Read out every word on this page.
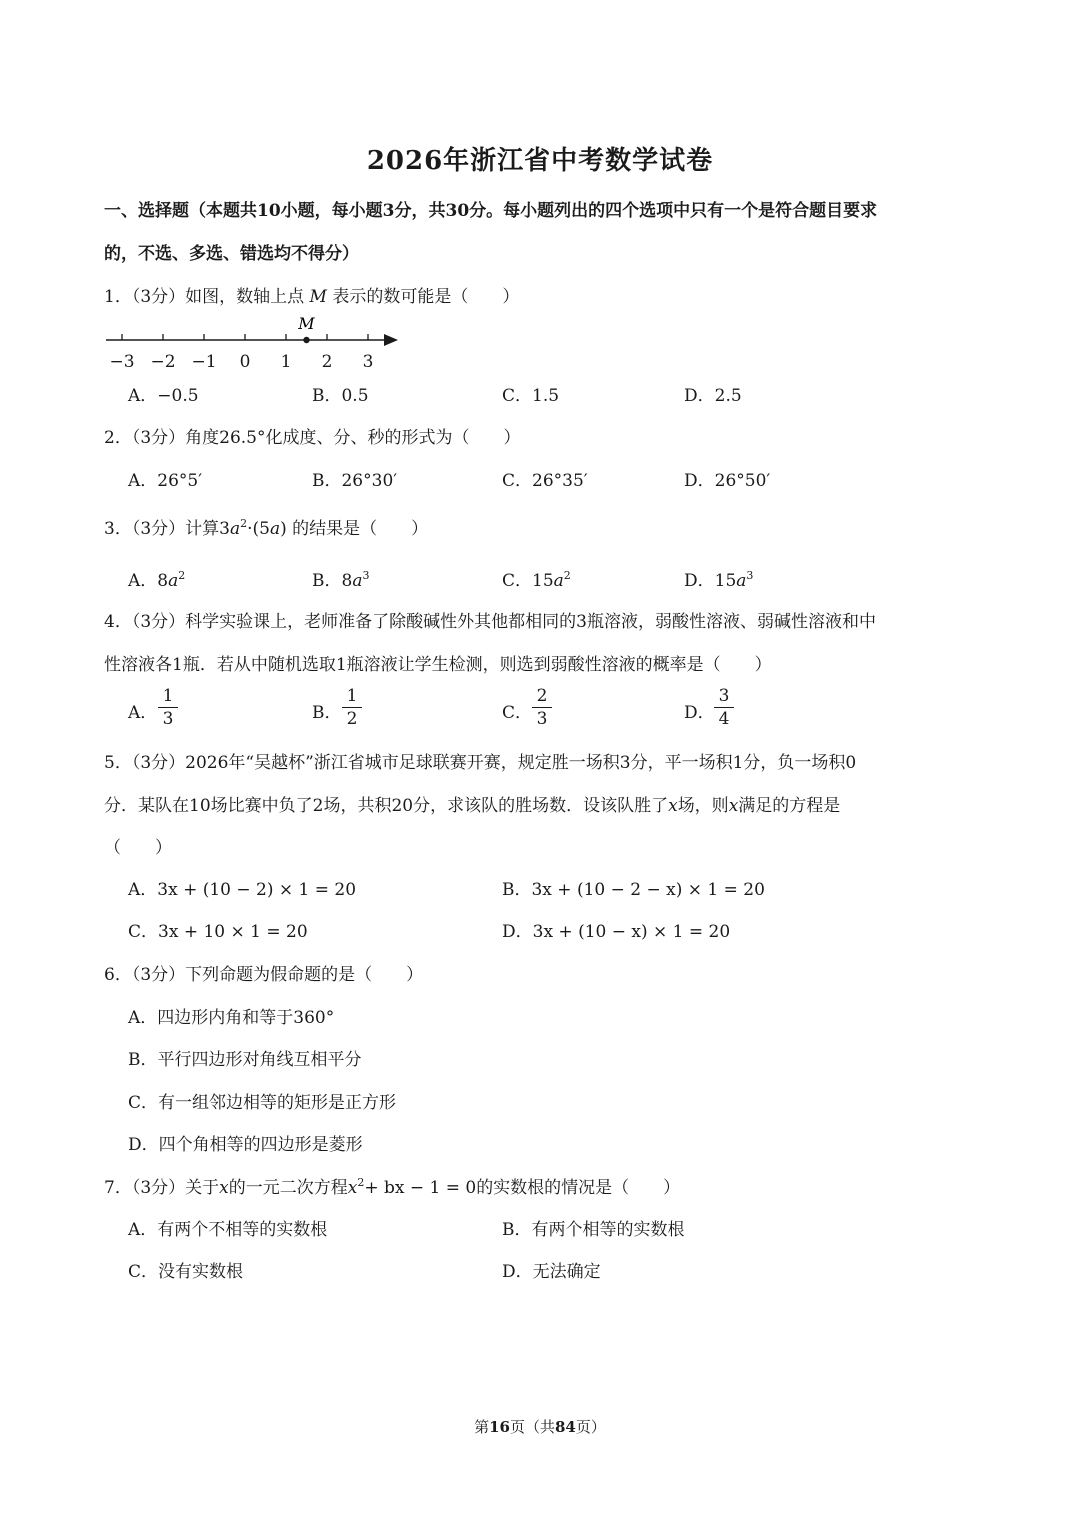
2026年浙江省中考数学试卷
一、选择题（本题共10小题，每小题3分，共30分。每小题列出的四个选项中只有一个是符合题目要求
的，不选、多选、错选均不得分）
1．（3分）如图，数轴上点 M 表示的数可能是（　　）
−3 −2 −1 0 1 2 3
M
A．−0.5	B．0.5	C．1.5	D．2.5
2．（3分）角度26.5°化成度、分、秒的形式为（　　）
A．26°5′	B．26°30′	C．26°35′	D．26°50′
3．（3分）计算$3a^2\cdot(5a)$ 的结果是（　　）
A．$8a^2$	B．$8a^3$	C．$15a^2$	D．$15a^3$
4．（3分）科学实验课上，老师准备了除酸碱性外其他都相同的3瓶溶液，弱酸性溶液、弱碱性溶液和中
性溶液各1瓶．若从中随机选取1瓶溶液让学生检测，则选到弱酸性溶液的概率是（　　）
A． $\frac{1}{3}$	B． $\frac{1}{2}$	C． $\frac{2}{3}$	D． $\frac{3}{4}$
5．（3分）2026年“吴越杯”浙江省城市足球联赛开赛，规定胜一场积3分，平一场积1分，负一场积0
分．某队在10场比赛中负了2场，共积20分，求该队的胜场数．设该队胜了x场，则x满足的方程是
（　　）
A．3x + (10 − 2) × 1 = 20	B．3x + (10 − 2 − x) × 1 = 20
C．3x + 10 × 1 = 20	D．3x + (10 − x) × 1 = 20
6．（3分）下列命题为假命题的是（　　）
A．四边形内角和等于360°
B．平行四边形对角线互相平分
C．有一组邻边相等的矩形是正方形
D．四个角相等的四边形是菱形
7．（3分）关于x的一元二次方程$x^2+$ bx − 1 = 0的实数根的情况是（　　）
A．有两个不相等的实数根	B．有两个相等的实数根
C．没有实数根	D．无法确定
第16页（共84页）
